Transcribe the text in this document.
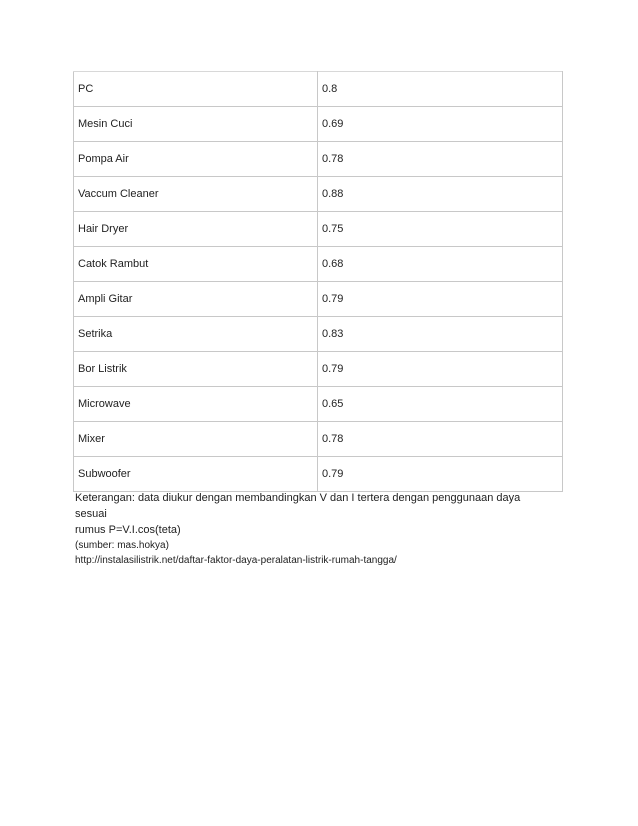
PC	0.8
Mesin Cuci	0.69
Pompa Air	0.78
Vaccum Cleaner	0.88
Hair Dryer	0.75
Catok Rambut	0.68
Ampli Gitar	0.79
Setrika	0.83
Bor Listrik	0.79
Microwave	0.65
Mixer	0.78
Subwoofer	0.79

Keterangan: data diukur dengan membandingkan V dan I tertera dengan penggunaan daya sesuai

rumus P=V.I.cos(teta)

(sumber: mas.hokya)

http://instalasilistrik.net/daftar-faktor-daya-peralatan-listrik-rumah-tangga/
